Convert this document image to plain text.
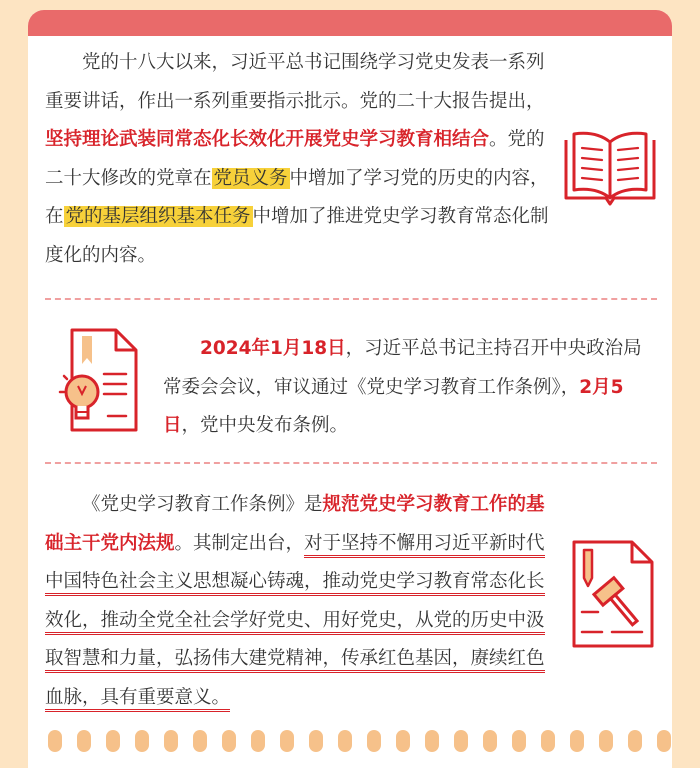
党的十八大以来，习近平总书记围绕学习党史发表一系列重要讲话，作出一系列重要指示批示。党的二十大报告提出，坚持理论武装同常态化长效化开展党史学习教育相结合。党的二十大修改的党章在 党员义务 中增加了学习党的历史的内容，在 党的基层组织基本任务 中增加了推进党史学习教育常态化制度化的内容。
2024年1月18日，习近平总书记主持召开中央政治局常委会会议，审议通过《党史学习教育工作条例》，2月5日，党中央发布条例。
《党史学习教育工作条例》是规范党史学习教育工作的基础主干党内法规。其制定出台，对于坚持不懈用习近平新时代中国特色社会主义思想凝心铸魂，推动党史学习教育常态化长效化，推动全党全社会学好党史、用好党史，从党的历史中汲取智慧和力量，弘扬伟大建党精神，传承红色基因，赓续红色血脉，具有重要意义。
